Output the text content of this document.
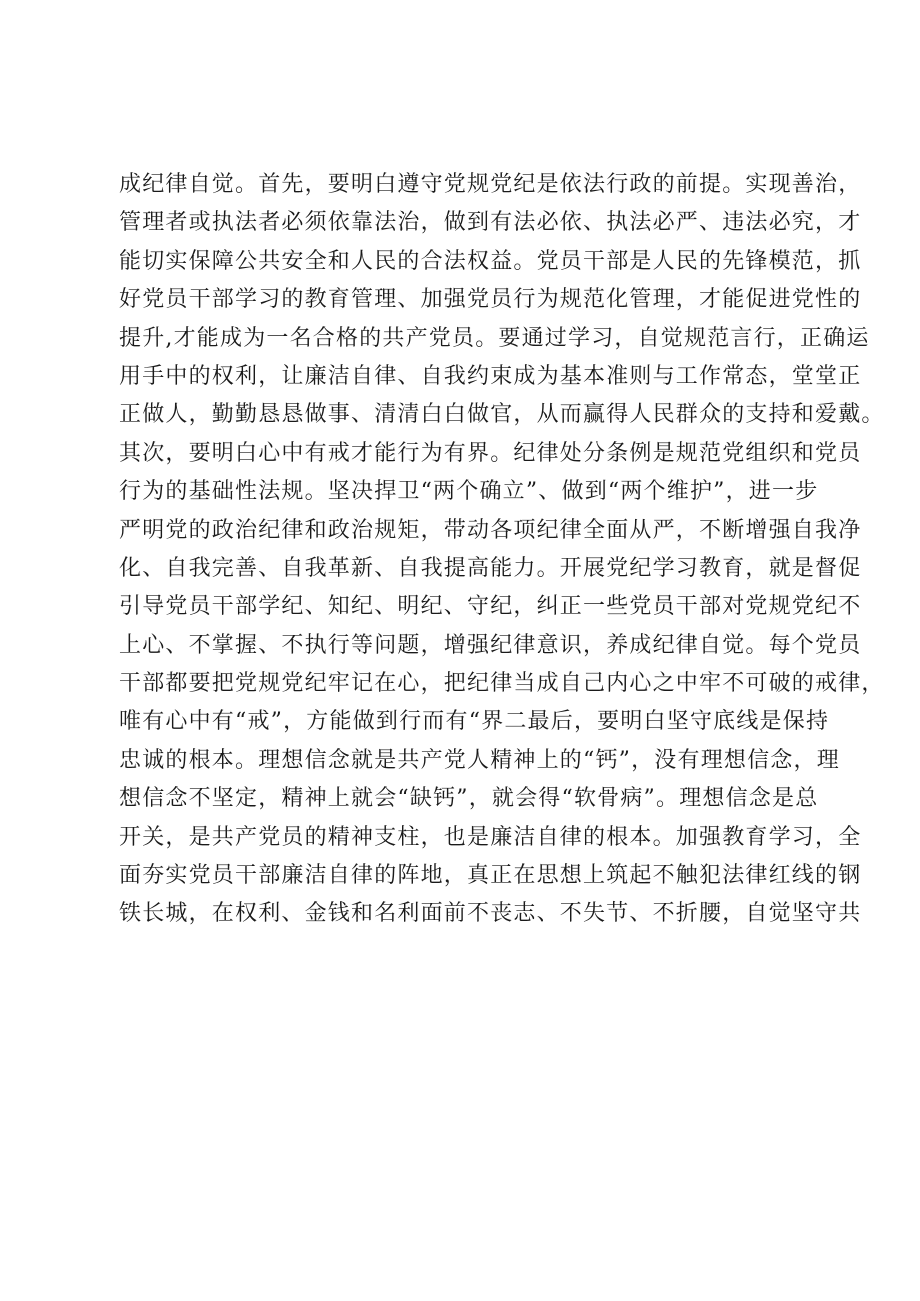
成纪律自觉。首先，要明白遵守党规党纪是依法行政的前提。实现善治，
管理者或执法者必须依靠法治，做到有法必依、执法必严、违法必究，才
能切实保障公共安全和人民的合法权益。党员干部是人民的先锋模范，抓
好党员干部学习的教育管理、加强党员行为规范化管理，才能促进党性的
提升,才能成为一名合格的共产党员。要通过学习，自觉规范言行，正确运
用手中的权利，让廉洁自律、自我约束成为基本准则与工作常态，堂堂正
正做人，勤勤恳恳做事、清清白白做官，从而赢得人民群众的支持和爱戴。
其次，要明白心中有戒才能行为有界。纪律处分条例是规范党组织和党员
行为的基础性法规。坚决捍卫“两个确立”、做到“两个维护”，进一步
严明党的政治纪律和政治规矩，带动各项纪律全面从严，不断增强自我净
化、自我完善、自我革新、自我提高能力。开展党纪学习教育，就是督促
引导党员干部学纪、知纪、明纪、守纪，纠正一些党员干部对党规党纪不
上心、不掌握、不执行等问题，增强纪律意识，养成纪律自觉。每个党员
干部都要把党规党纪牢记在心，把纪律当成自己内心之中牢不可破的戒律，
唯有心中有“戒”，方能做到行而有“界二最后，要明白坚守底线是保持
忠诚的根本。理想信念就是共产党人精神上的“钙”，没有理想信念，理
想信念不坚定，精神上就会“缺钙”，就会得“软骨病”。理想信念是总
开关，是共产党员的精神支柱，也是廉洁自律的根本。加强教育学习，全
面夯实党员干部廉洁自律的阵地，真正在思想上筑起不触犯法律红线的钢
铁长城，在权利、金钱和名利面前不丧志、不失节、不折腰，自觉坚守共
